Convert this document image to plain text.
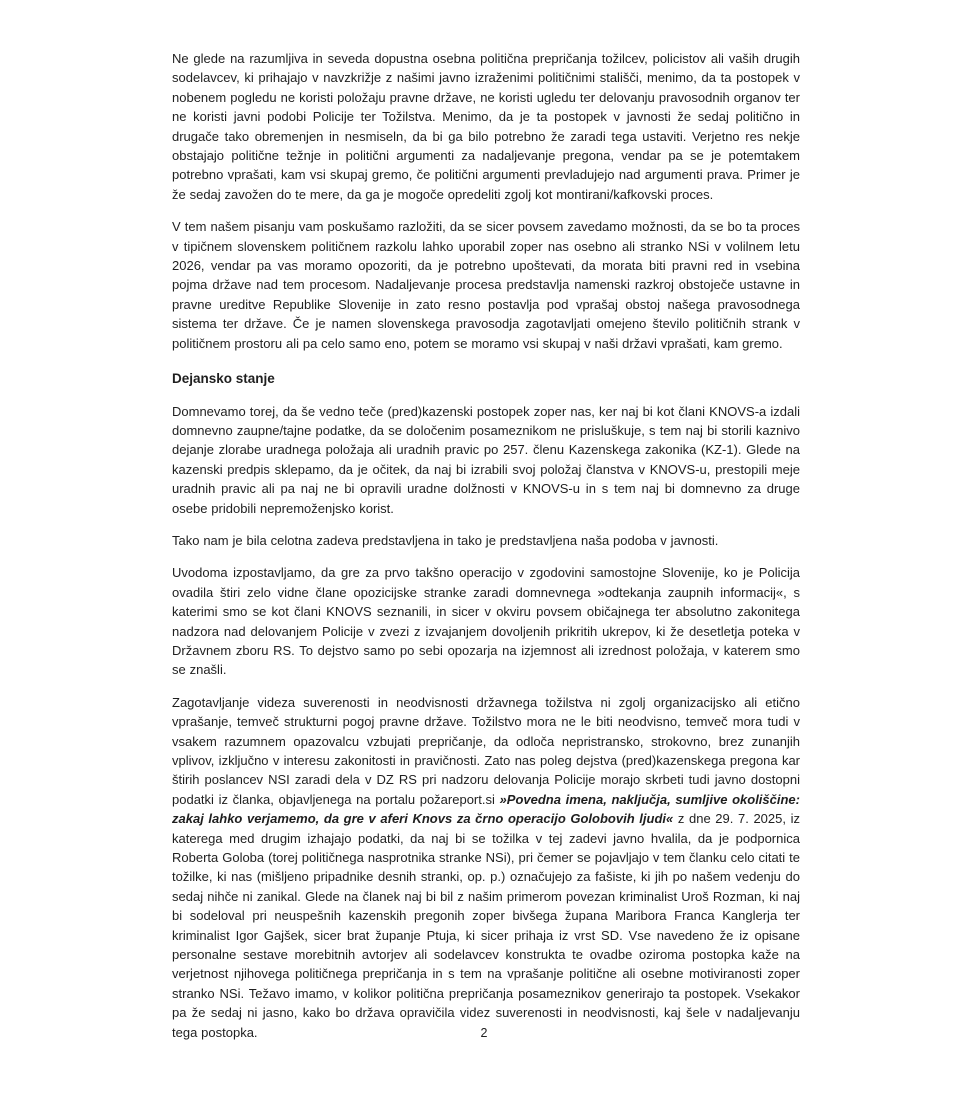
Ne glede na razumljiva in seveda dopustna osebna politična prepričanja tožilcev, policistov ali vaših drugih sodelavcev, ki prihajajo v navzkrižje z našimi javno izraženimi političnimi stališči, menimo, da ta postopek v nobenem pogledu ne koristi položaju pravne države, ne koristi ugledu ter delovanju pravosodnih organov ter ne koristi javni podobi Policije ter Tožilstva. Menimo, da je ta postopek v javnosti že sedaj politično in drugače tako obremenjen in nesmiseln, da bi ga bilo potrebno že zaradi tega ustaviti. Verjetno res nekje obstajajo politične težnje in politični argumenti za nadaljevanje pregona, vendar pa se je potemtakem potrebno vprašati, kam vsi skupaj gremo, če politični argumenti prevladujejo nad argumenti prava. Primer je že sedaj zavožen do te mere, da ga je mogoče opredeliti zgolj kot montirani/kafkovski proces.

V tem našem pisanju vam poskušamo razložiti, da se sicer povsem zavedamo možnosti, da se bo ta proces v tipičnem slovenskem političnem razkolu lahko uporabil zoper nas osebno ali stranko NSi v volilnem letu 2026, vendar pa vas moramo opozoriti, da je potrebno upoštevati, da morata biti pravni red in vsebina pojma države nad tem procesom. Nadaljevanje procesa predstavlja namenski razkroj obstoječe ustavne in pravne ureditve Republike Slovenije in zato resno postavlja pod vprašaj obstoj našega pravosodnega sistema ter države. Če je namen slovenskega pravosodja zagotavljati omejeno število političnih strank v političnem prostoru ali pa celo samo eno, potem se moramo vsi skupaj v naši državi vprašati, kam gremo.

Dejansko stanje

Domnevamo torej, da še vedno teče (pred)kazenski postopek zoper nas, ker naj bi kot člani KNOVS-a izdali domnevno zaupne/tajne podatke, da se določenim posameznikom ne prisluškuje, s tem naj bi storili kaznivo dejanje zlorabe uradnega položaja ali uradnih pravic po 257. členu Kazenskega zakonika (KZ-1). Glede na kazenski predpis sklepamo, da je očitek, da naj bi izrabili svoj položaj članstva v KNOVS-u, prestopili meje uradnih pravic ali pa naj ne bi opravili uradne dolžnosti v KNOVS-u in s tem naj bi domnevno za druge osebe pridobili nepremoženjsko korist.

Tako nam je bila celotna zadeva predstavljena in tako je predstavljena naša podoba v javnosti.

Uvodoma izpostavljamo, da gre za prvo takšno operacijo v zgodovini samostojne Slovenije, ko je Policija ovadila štiri zelo vidne člane opozicijske stranke zaradi domnevnega »odtekanja zaupnih informacij«, s katerimi smo se kot člani KNOVS seznanili, in sicer v okviru povsem običajnega ter absolutno zakonitega nadzora nad delovanjem Policije v zvezi z izvajanjem dovoljenih prikritih ukrepov, ki že desetletja poteka v Državnem zboru RS. To dejstvo samo po sebi opozarja na izjemnost ali izrednost položaja, v katerem smo se znašli.

Zagotavljanje videza suverenosti in neodvisnosti državnega tožilstva ni zgolj organizacijsko ali etično vprašanje, temveč strukturni pogoj pravne države. Tožilstvo mora ne le biti neodvisno, temveč mora tudi v vsakem razumnem opazovalcu vzbujati prepričanje, da odloča nepristransko, strokovno, brez zunanjih vplivov, izključno v interesu zakonitosti in pravičnosti. Zato nas poleg dejstva (pred)kazenskega pregona kar štirih poslancev NSI zaradi dela v DZ RS pri nadzoru delovanja Policije morajo skrbeti tudi javno dostopni podatki iz članka, objavljenega na portalu požareport.si »Povedna imena, naključja, sumljive okoliščine: zakaj lahko verjamemo, da gre v aferi Knovs za črno operacijo Golobovih ljudi« z dne 29. 7. 2025, iz katerega med drugim izhajajo podatki, da naj bi se tožilka v tej zadevi javno hvalila, da je podpornica Roberta Goloba (torej političnega nasprotnika stranke NSi), pri čemer se pojavljajo v tem članku celo citati te tožilke, ki nas (mišljeno pripadnike desnih stranki, op. p.) označujejo za fašiste, ki jih po našem vedenju do sedaj nihče ni zanikal. Glede na članek naj bi bil z našim primerom povezan kriminalist Uroš Rozman, ki naj bi sodeloval pri neuspešnih kazenskih pregonih zoper bivšega župana Maribora Franca Kanglerja ter kriminalist Igor Gajšek, sicer brat županje Ptuja, ki sicer prihaja iz vrst SD. Vse navedeno že iz opisane personalne sestave morebitnih avtorjev ali sodelavcev konstrukta te ovadbe oziroma postopka kaže na verjetnost njihovega političnega prepričanja in s tem na vprašanje politične ali osebne motiviranosti zoper stranko NSi. Težavo imamo, v kolikor politična prepričanja posameznikov generirajo ta postopek. Vsekakor pa že sedaj ni jasno, kako bo država opravičila videz suverenosti in neodvisnosti, kaj šele v nadaljevanju tega postopka.	2
